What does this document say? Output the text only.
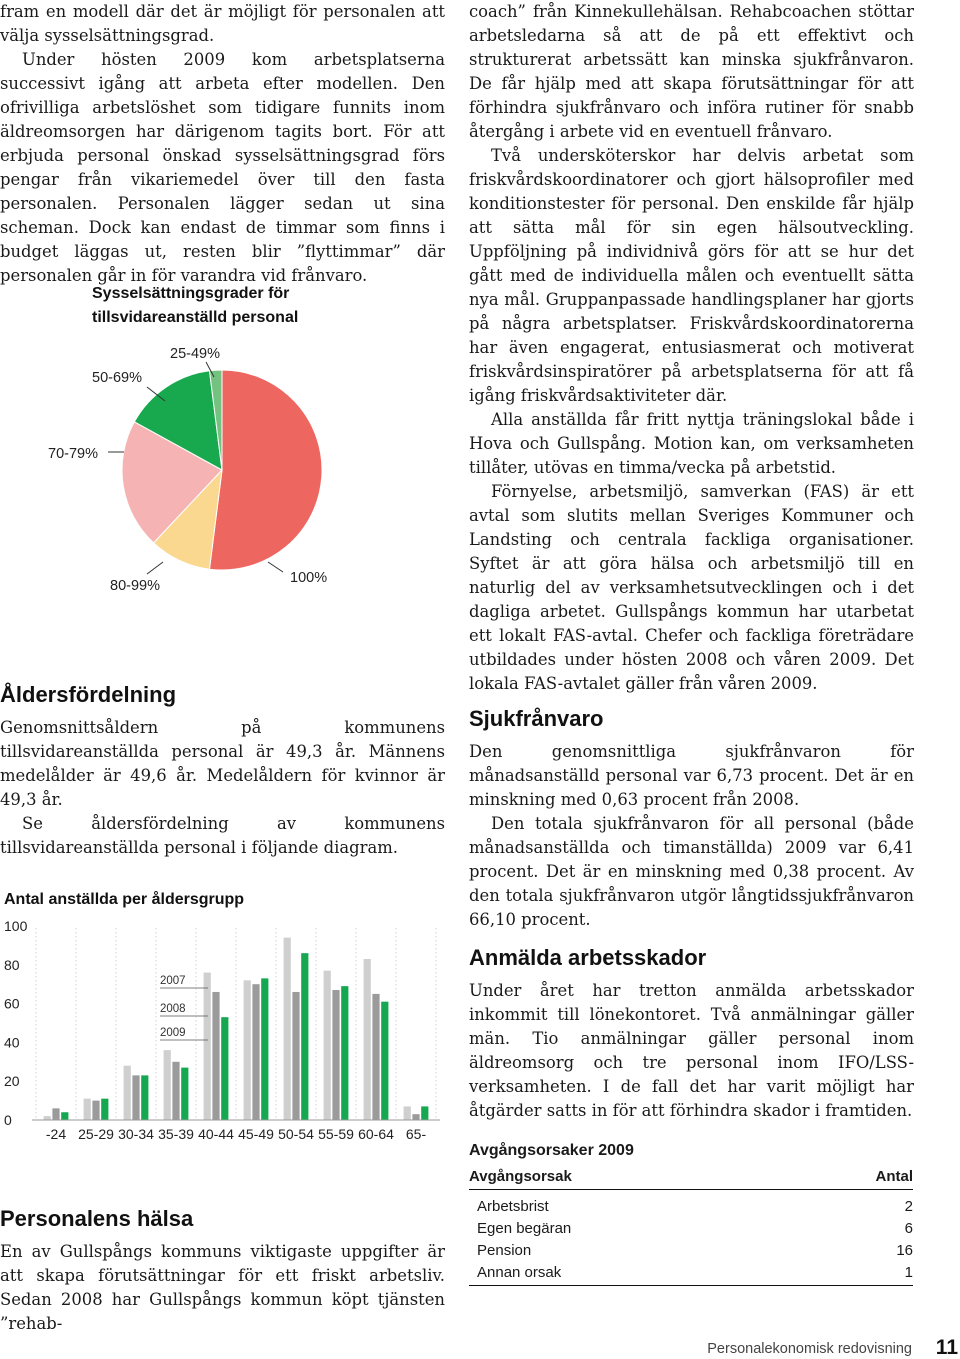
fram en modell där det är möjligt för personalen att välja sysselsättningsgrad.

Under hösten 2009 kom arbetsplatserna successivt igång att arbeta efter modellen. Den ofrivilliga arbetslöshet som tidigare funnits inom äldreomsorgen har därigenom tagits bort. För att erbjuda personal önskad sysselsättningsgrad förs pengar från vikariemedel över till den fasta personalen. Personalen lägger sedan ut sina scheman. Dock kan endast de timmar som finns i budget läggas ut, resten blir ”flyttimmar” där personalen går in för varandra vid frånvaro.

Sysselsättningsgrader för tillsvidareanställd personal
100%
80-99%
70-79%
50-69%
25-49%
Åldersfördelning

Genomsnittsåldern på kommunens tillsvidareanställda personal är 49,3 år. Männens medelålder är 49,6 år. Medelåldern för kvinnor är 49,3 år.

Se åldersfördelning av kommunens tillsvidareanställda personal i följande diagram.

Antal anställda per åldersgrupp
0
20
40
60
80
100
-24 25-29 30-34 35-39 40-44 45-49 50-54 55-59 60-64 65-
2007
2008
2009
Personalens hälsa

En av Gullspångs kommuns viktigaste uppgifter är att skapa förutsättningar för ett friskt arbetsliv. Sedan 2008 har Gullspångs kommun köpt tjänsten ”rehab-

coach” från Kinnekullehälsan. Rehabcoachen stöttar arbetsledarna så att de på ett effektivt och strukturerat arbetssätt kan minska sjukfrånvaron. De får hjälp med att skapa förutsättningar för att förhindra sjukfrånvaro och införa rutiner för snabb återgång i arbete vid en eventuell frånvaro.

Två undersköterskor har delvis arbetat som friskvårdskoordinatorer och gjort hälsoprofiler med konditionstester för personal. Den enskilde får hjälp att sätta mål för sin egen hälsoutveckling. Uppföljning på individnivå görs för att se hur det gått med de individuella målen och eventuellt sätta nya mål. Gruppanpassade handlingsplaner har gjorts på några arbetsplatser. Friskvårdskoordinatorerna har även engagerat, entusiasmerat och motiverat friskvårdsinspiratörer på arbetsplatserna för att få igång friskvårdsaktiviteter där.

Alla anställda får fritt nyttja träningslokal både i Hova och Gullspång. Motion kan, om verksamheten tillåter, utövas en timma/vecka på arbetstid.

Förnyelse, arbetsmiljö, samverkan (FAS) är ett avtal som slutits mellan Sveriges Kommuner och Landsting och centrala fackliga organisationer. Syftet är att göra hälsa och arbetsmiljö till en naturlig del av verksamhetsutvecklingen och i det dagliga arbetet. Gullspångs kommun har utarbetat ett lokalt FAS-avtal. Chefer och fackliga företrädare utbildades under hösten 2008 och våren 2009. Det lokala FAS-avtalet gäller från våren 2009.

Sjukfrånvaro

Den genomsnittliga sjukfrånvaron för månadsanställd personal var 6,73 procent. Det är en minskning med 0,63 procent från 2008.

Den totala sjukfrånvaron för all personal (både månadsanställda och timanställda) 2009 var 6,41 procent. Det är en minskning med 0,38 procent. Av den totala sjukfrånvaron utgör långtidssjukfrånvaron 66,10 procent.

Anmälda arbetsskador

Under året har tretton anmälda arbetsskador inkommit till lönekontoret. Två anmälningar gäller män. Tio anmälningar gäller personal inom äldreomsorg och tre personal inom IFO/LSS-verksamheten. I de fall det har varit möjligt har åtgärder satts in för att förhindra skador i framtiden.

Avgångsorsaker 2009
Avgångsorsak	Antal
Arbetsbrist	2
Egen begäran	6
Pension	16
Annan orsak	1
Personalekonomisk redovisning 11
